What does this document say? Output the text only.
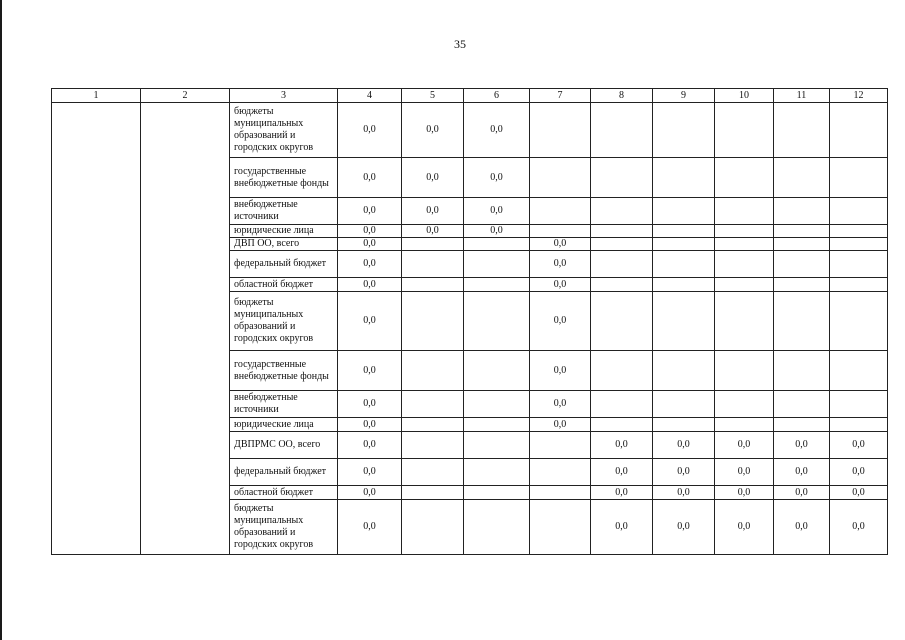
35
1	2	3	4	5	6	7	8	9	10	11	12
		бюджеты муниципальных образований и городских округов	0,0	0,0	0,0						
		государственные внебюджетные фонды	0,0	0,0	0,0						
		внебюджетные источники	0,0	0,0	0,0						
		юридические лица	0,0	0,0	0,0						
		ДВП ОО, всего	0,0			0,0					
		федеральный бюджет	0,0			0,0					
		областной бюджет	0,0			0,0					
		бюджеты муниципальных образований и городских округов	0,0			0,0					
		государственные внебюджетные фонды	0,0			0,0					
		внебюджетные источники	0,0			0,0					
		юридические лица	0,0			0,0					
		ДВПРМС ОО, всего	0,0				0,0	0,0	0,0	0,0	0,0
		федеральный бюджет	0,0				0,0	0,0	0,0	0,0	0,0
		областной бюджет	0,0				0,0	0,0	0,0	0,0	0,0
		бюджеты муниципальных образований и городских округов	0,0				0,0	0,0	0,0	0,0	0,0
